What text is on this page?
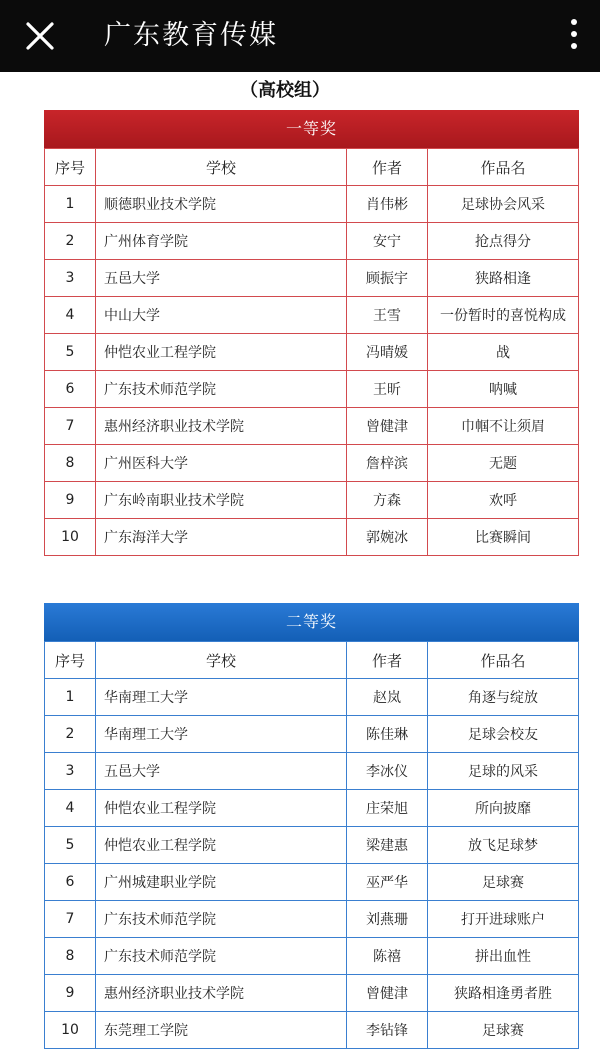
广东教育传媒
（高校组）
一等奖
序号	学校	作者	作品名
1	顺德职业技术学院	肖伟彬	足球协会风采
2	广州体育学院	安宁	抢点得分
3	五邑大学	顾振宇	狭路相逢
4	中山大学	王雪	一份暂时的喜悦构成
5	仲恺农业工程学院	冯晴媛	战
6	广东技术师范学院	王昕	呐喊
7	惠州经济职业技术学院	曾健津	巾帼不让须眉
8	广州医科大学	詹梓滨	无题
9	广东岭南职业技术学院	方森	欢呼
10	广东海洋大学	郭婉冰	比赛瞬间
二等奖
序号	学校	作者	作品名
1	华南理工大学	赵岚	角逐与绽放
2	华南理工大学	陈佳琳	足球会校友
3	五邑大学	李冰仪	足球的风采
4	仲恺农业工程学院	庄荣旭	所向披靡
5	仲恺农业工程学院	梁建惠	放飞足球梦
6	广州城建职业学院	巫严华	足球赛
7	广东技术师范学院	刘燕珊	打开进球账户
8	广东技术师范学院	陈禧	拼出血性
9	惠州经济职业技术学院	曾健津	狭路相逢勇者胜
10	东莞理工学院	李钻锋	足球赛
